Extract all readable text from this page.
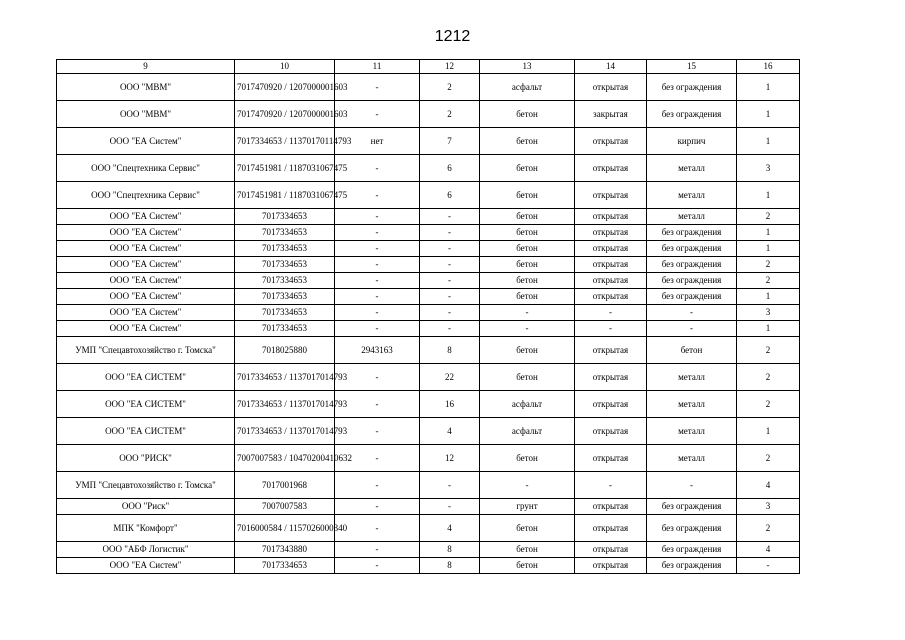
1212
9	10	11	12	13	14	15	16
ООО "МВМ"	7017470920 / 1207000001603	-	2	асфальт	открытая	без ограждения	1
ООО "МВМ"	7017470920 / 1207000001603	-	2	бетон	закрытая	без ограждения	1
ООО "ЕА Систем"	7017334653 / 11370170114793	нет	7	бетон	открытая	кирпич	1
ООО "Спецтехника Сервис"	7017451981 / 1187031067475	-	6	бетон	открытая	металл	3
ООО "Спецтехника Сервис"	7017451981 / 1187031067475	-	6	бетон	открытая	металл	1
ООО "ЕА Систем"	7017334653	-	-	бетон	открытая	металл	2
ООО "ЕА Систем"	7017334653	-	-	бетон	открытая	без ограждения	1
ООО "ЕА Систем"	7017334653	-	-	бетон	открытая	без ограждения	1
ООО "ЕА Систем"	7017334653	-	-	бетон	открытая	без ограждения	2
ООО "ЕА Систем"	7017334653	-	-	бетон	открытая	без ограждения	2
ООО "ЕА Систем"	7017334653	-	-	бетон	открытая	без ограждения	1
ООО "ЕА Систем"	7017334653	-	-	-	-	-	3
ООО "ЕА Систем"	7017334653	-	-	-	-	-	1
УМП "Спецавтохозяйство г. Томска"	7018025880	2943163	8	бетон	открытая	бетон	2
ООО "ЕА СИСТЕМ"	7017334653 / 1137017014793	-	22	бетон	открытая	металл	2
ООО "ЕА СИСТЕМ"	7017334653 / 1137017014793	-	16	асфальт	открытая	металл	2
ООО "ЕА СИСТЕМ"	7017334653 / 1137017014793	-	4	асфальт	открытая	металл	1
ООО "РИСК"	7007007583 / 10470200410632	-	12	бетон	открытая	металл	2
УМП "Спецавтохозяйство г. Томска"	7017001968	-	-	-	-	-	4
ООО "Риск"	7007007583	-	-	грунт	открытая	без ограждения	3
МПК "Комфорт"	7016000584 / 1157026000340	-	4	бетон	открытая	без ограждения	2
ООО "АБФ Логистик"	7017343880	-	8	бетон	открытая	без ограждения	4
ООО "ЕА Систем"	7017334653	-	8	бетон	открытая	без ограждения	-
